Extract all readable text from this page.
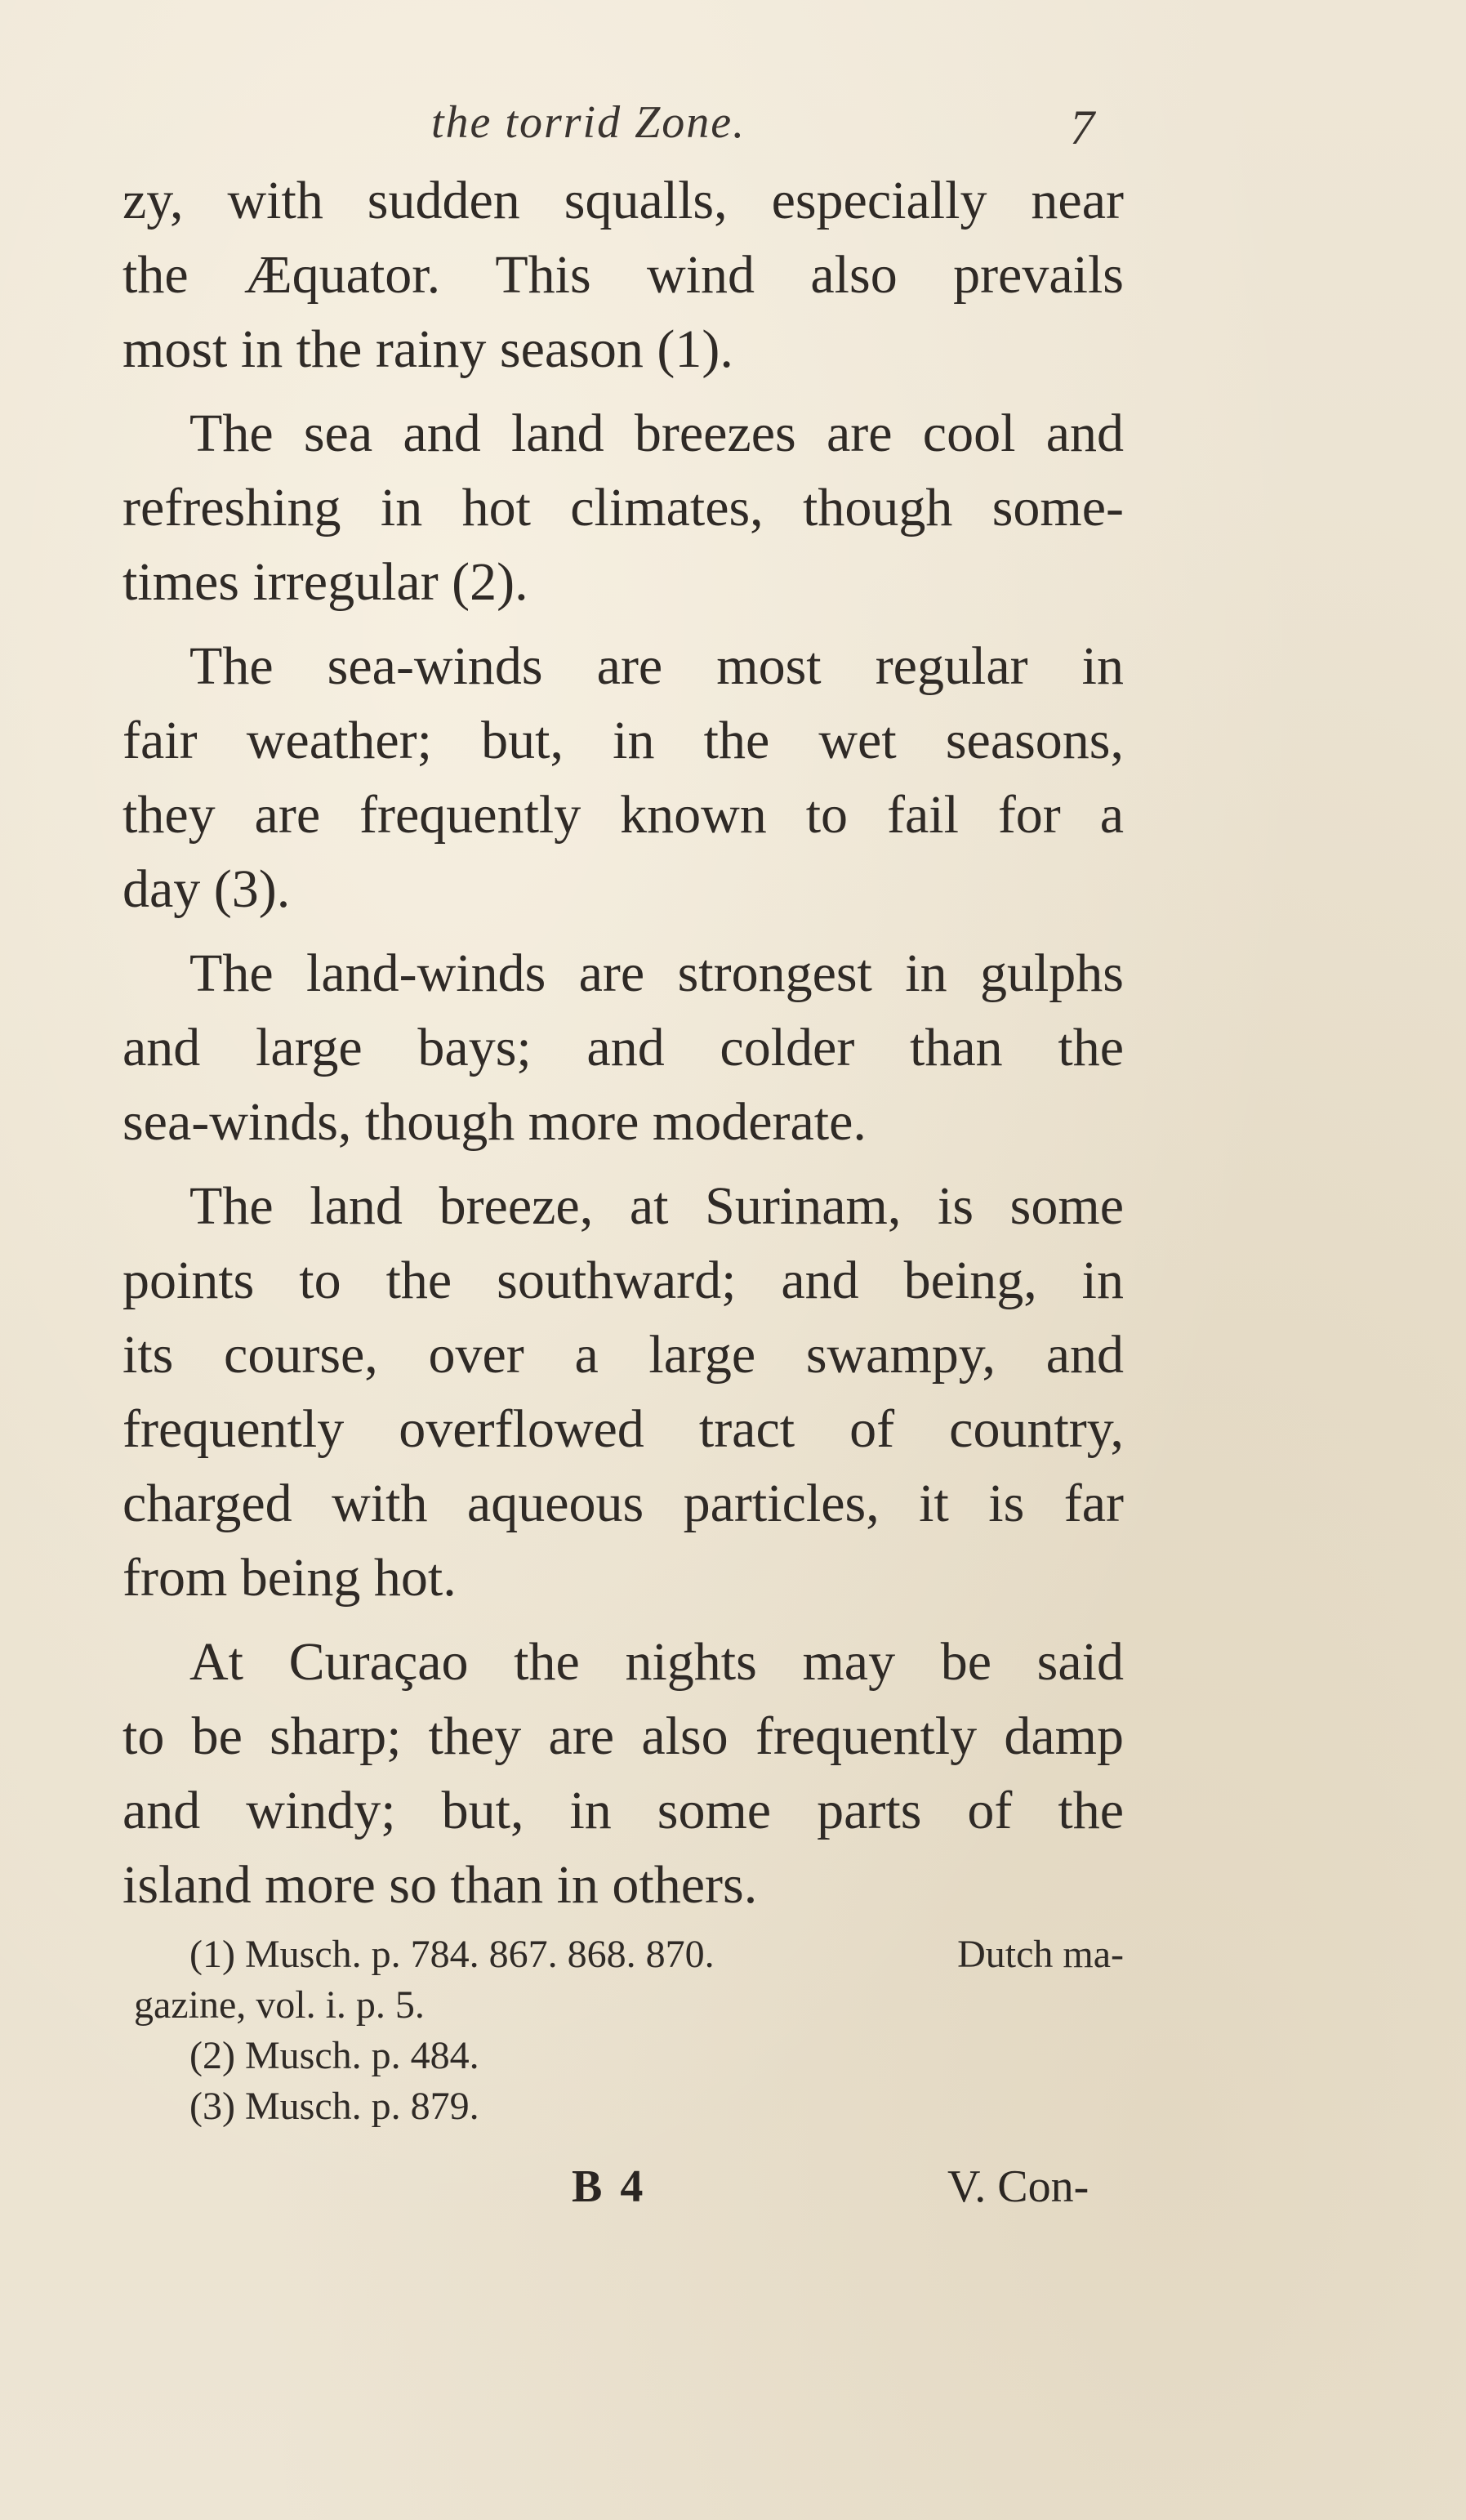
the torrid Zone.	7
zy, with sudden squalls, especially near
the Æquator. This wind also prevails
most in the rainy season (1).
The sea and land breezes are cool and
refreshing in hot climates, though some-
times irregular (2).
The sea-winds are most regular in
fair weather; but, in the wet seasons,
they are frequently known to fail for a
day (3).
The land-winds are strongest in gulphs
and large bays; and colder than the
sea-winds, though more moderate.
The land breeze, at Surinam, is some
points to the southward; and being, in
its course, over a large swampy, and
frequently overflowed tract of country,
charged with aqueous particles, it is far
from being hot.
At Curaçao the nights may be said
to be sharp; they are also frequently damp
and windy; but, in some parts of the
island more so than in others.
(1) Musch. p. 784. 867. 868. 870.	Dutch ma-
gazine, vol. i. p. 5.
(2) Musch. p. 484.
(3) Musch. p. 879.
B 4	V. Con-
